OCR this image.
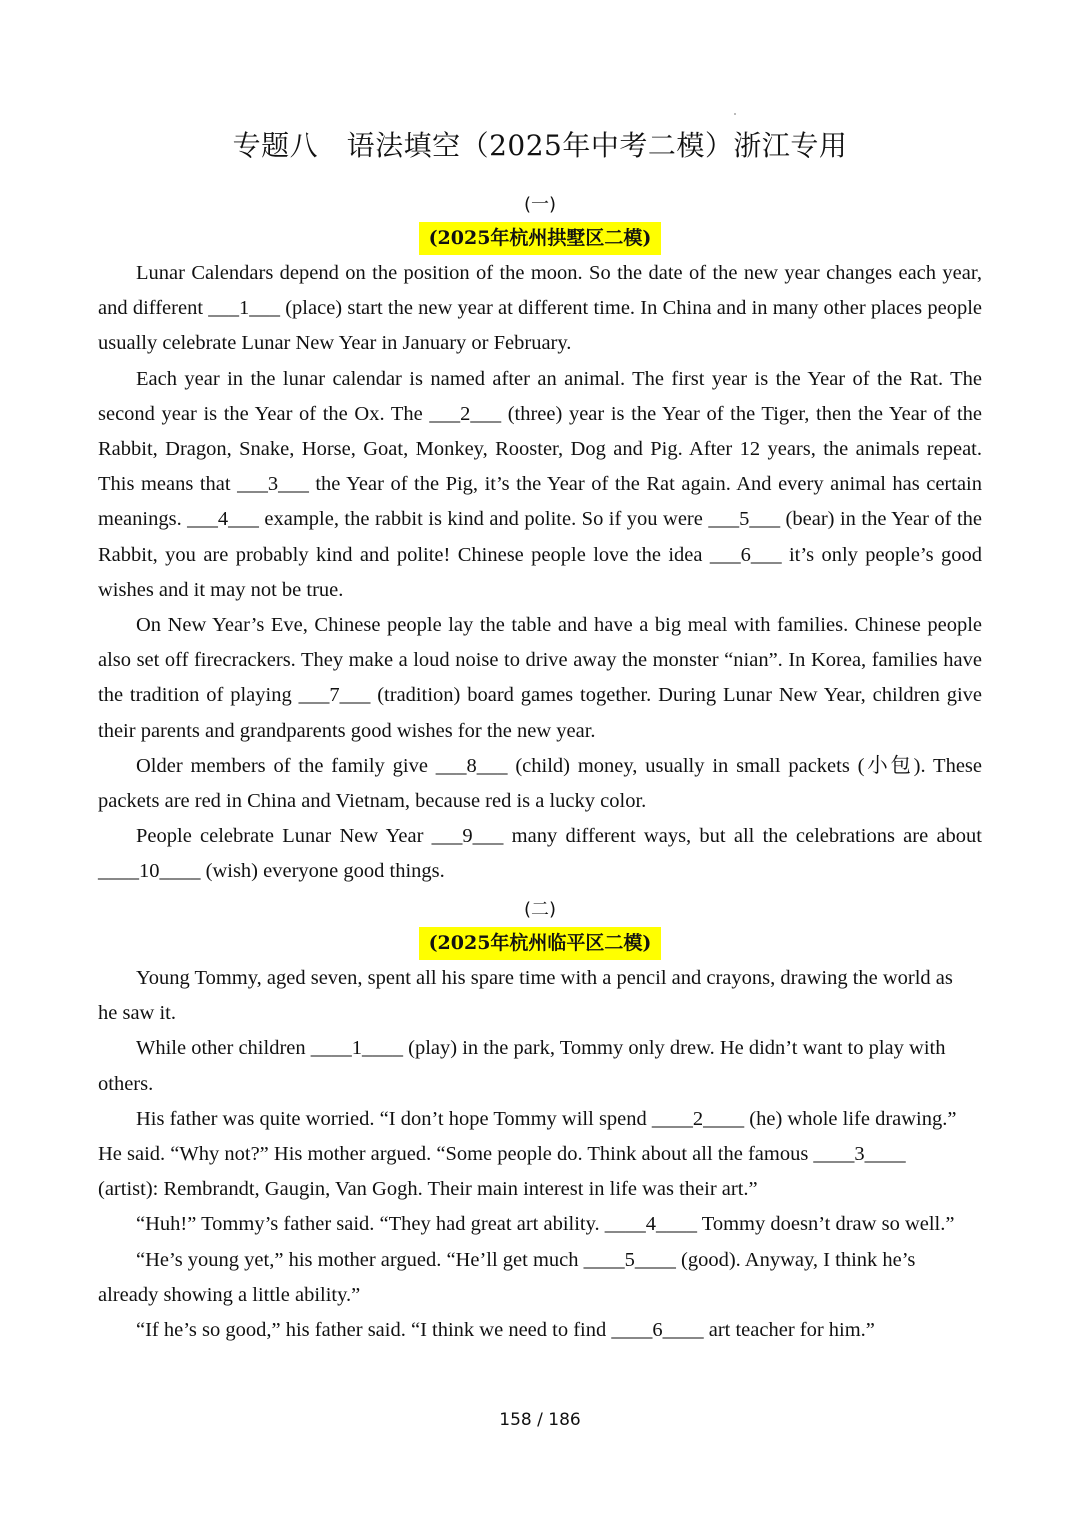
专题八　语法填空（2025年中考二模）浙江专用
(一)
(2025年杭州拱墅区二模)

Lunar Calendars depend on the position of the moon. So the date of the new year changes each year, and different ___1___ (place) start the new year at different time. In China and in many other places people usually celebrate Lunar New Year in January or February.

Each year in the lunar calendar is named after an animal. The first year is the Year of the Rat. The second year is the Year of the Ox. The ___2___ (three) year is the Year of the Tiger, then the Year of the Rabbit, Dragon, Snake, Horse, Goat, Monkey, Rooster, Dog and Pig. After 12 years, the animals repeat. This means that ___3___ the Year of the Pig, it’s the Year of the Rat again. And every animal has certain meanings. ___4___ example, the rabbit is kind and polite. So if you were ___5___ (bear) in the Year of the Rabbit, you are probably kind and polite! Chinese people love the idea ___6___ it’s only people’s good wishes and it may not be true.

On New Year’s Eve, Chinese people lay the table and have a big meal with families. Chinese people also set off firecrackers. They make a loud noise to drive away the monster “nian”. In Korea, families have the tradition of playing ___7___ (tradition) board games together. During Lunar New Year, children give their parents and grandparents good wishes for the new year.

Older members of the family give ___8___ (child) money, usually in small packets (小包). These packets are red in China and Vietnam, because red is a lucky color.

People celebrate Lunar New Year ___9___ many different ways, but all the celebrations are about ____10____ (wish) everyone good things.

(二)
(2025年杭州临平区二模)

Young Tommy, aged seven, spent all his spare time with a pencil and crayons, drawing the world as he saw it.

While other children ____1____ (play) in the park, Tommy only drew. He didn’t want to play with others.

His father was quite worried. “I don’t hope Tommy will spend ____2____ (he) whole life drawing.” He said. “Why not?” His mother argued. “Some people do. Think about all the famous ____3____ (artist): Rembrandt, Gaugin, Van Gogh. Their main interest in life was their art.”

“Huh!” Tommy’s father said. “They had great art ability. ____4____ Tommy doesn’t draw so well.”

“He’s young yet,” his mother argued. “He’ll get much ____5____ (good). Anyway, I think he’s already showing a little ability.”

“If he’s so good,” his father said. “I think we need to find ____6____ art teacher for him.”

158 / 186
